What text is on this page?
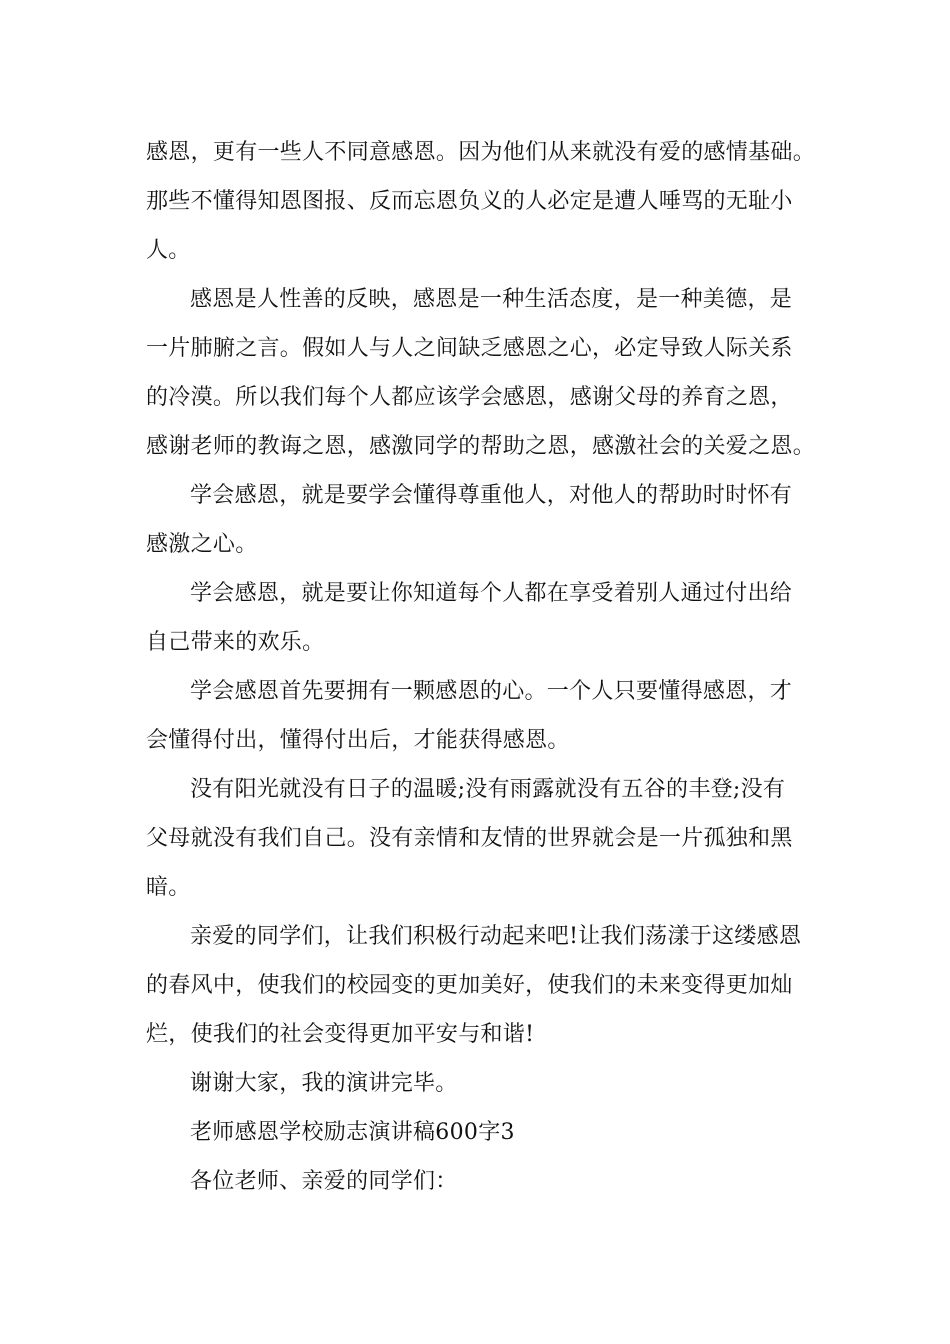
感恩，更有一些人不同意感恩。因为他们从来就没有爱的感情基础。
那些不懂得知恩图报、反而忘恩负义的人必定是遭人唾骂的无耻小
人。
感恩是人性善的反映，感恩是一种生活态度，是一种美德，是
一片肺腑之言。假如人与人之间缺乏感恩之心，必定导致人际关系
的冷漠。所以我们每个人都应该学会感恩，感谢父母的养育之恩，
感谢老师的教诲之恩，感激同学的帮助之恩，感激社会的关爱之恩。
学会感恩，就是要学会懂得尊重他人，对他人的帮助时时怀有
感激之心。
学会感恩，就是要让你知道每个人都在享受着别人通过付出给
自己带来的欢乐。
学会感恩首先要拥有一颗感恩的心。一个人只要懂得感恩，才
会懂得付出，懂得付出后，才能获得感恩。
没有阳光就没有日子的温暖;没有雨露就没有五谷的丰登;没有
父母就没有我们自己。没有亲情和友情的世界就会是一片孤独和黑
暗。
亲爱的同学们，让我们积极行动起来吧!让我们荡漾于这缕感恩
的春风中，使我们的校园变的更加美好，使我们的未来变得更加灿
烂，使我们的社会变得更加平安与和谐!
谢谢大家，我的演讲完毕。
老师感恩学校励志演讲稿600字3
各位老师、亲爱的同学们：
